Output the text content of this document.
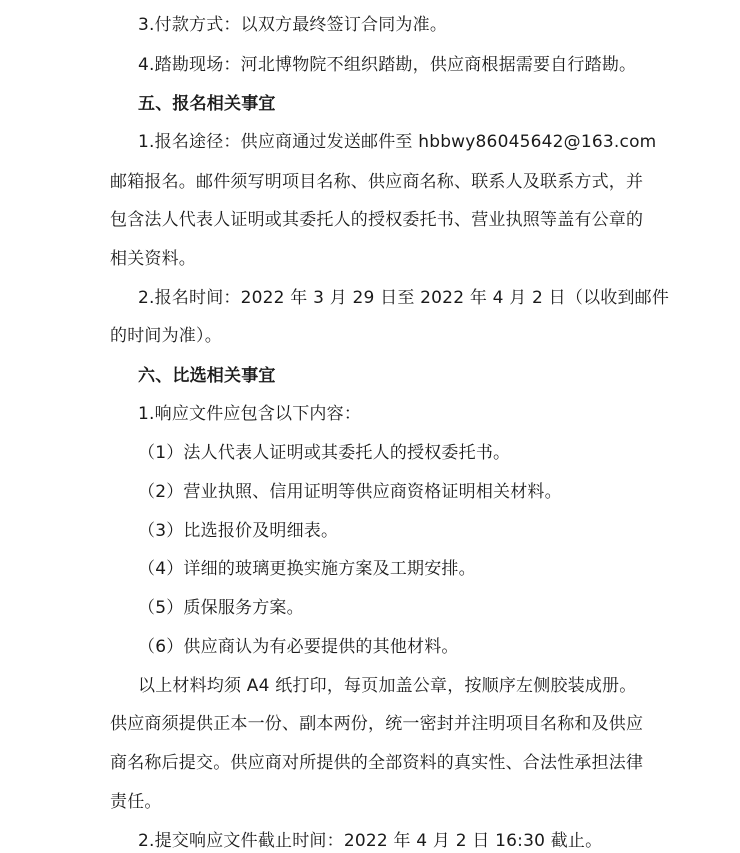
3.付款方式：以双方最终签订合同为准。
4.踏勘现场：河北博物院不组织踏勘，供应商根据需要自行踏勘。
五、报名相关事宜
1.报名途径：供应商通过发送邮件至 hbbwy86045642@163.com
邮箱报名。邮件须写明项目名称、供应商名称、联系人及联系方式，并
包含法人代表人证明或其委托人的授权委托书、营业执照等盖有公章的
相关资料。
2.报名时间：2022 年 3 月 29 日至 2022 年 4 月 2 日（以收到邮件
的时间为准）。
六、比选相关事宜
1.响应文件应包含以下内容：
（1）法人代表人证明或其委托人的授权委托书。
（2）营业执照、信用证明等供应商资格证明相关材料。
（3）比选报价及明细表。
（4）详细的玻璃更换实施方案及工期安排。
（5）质保服务方案。
（6）供应商认为有必要提供的其他材料。
以上材料均须 A4 纸打印，每页加盖公章，按顺序左侧胶装成册。
供应商须提供正本一份、副本两份，统一密封并注明项目名称和及供应
商名称后提交。供应商对所提供的全部资料的真实性、合法性承担法律
责任。
2.提交响应文件截止时间：2022 年 4 月 2 日 16:30 截止。
